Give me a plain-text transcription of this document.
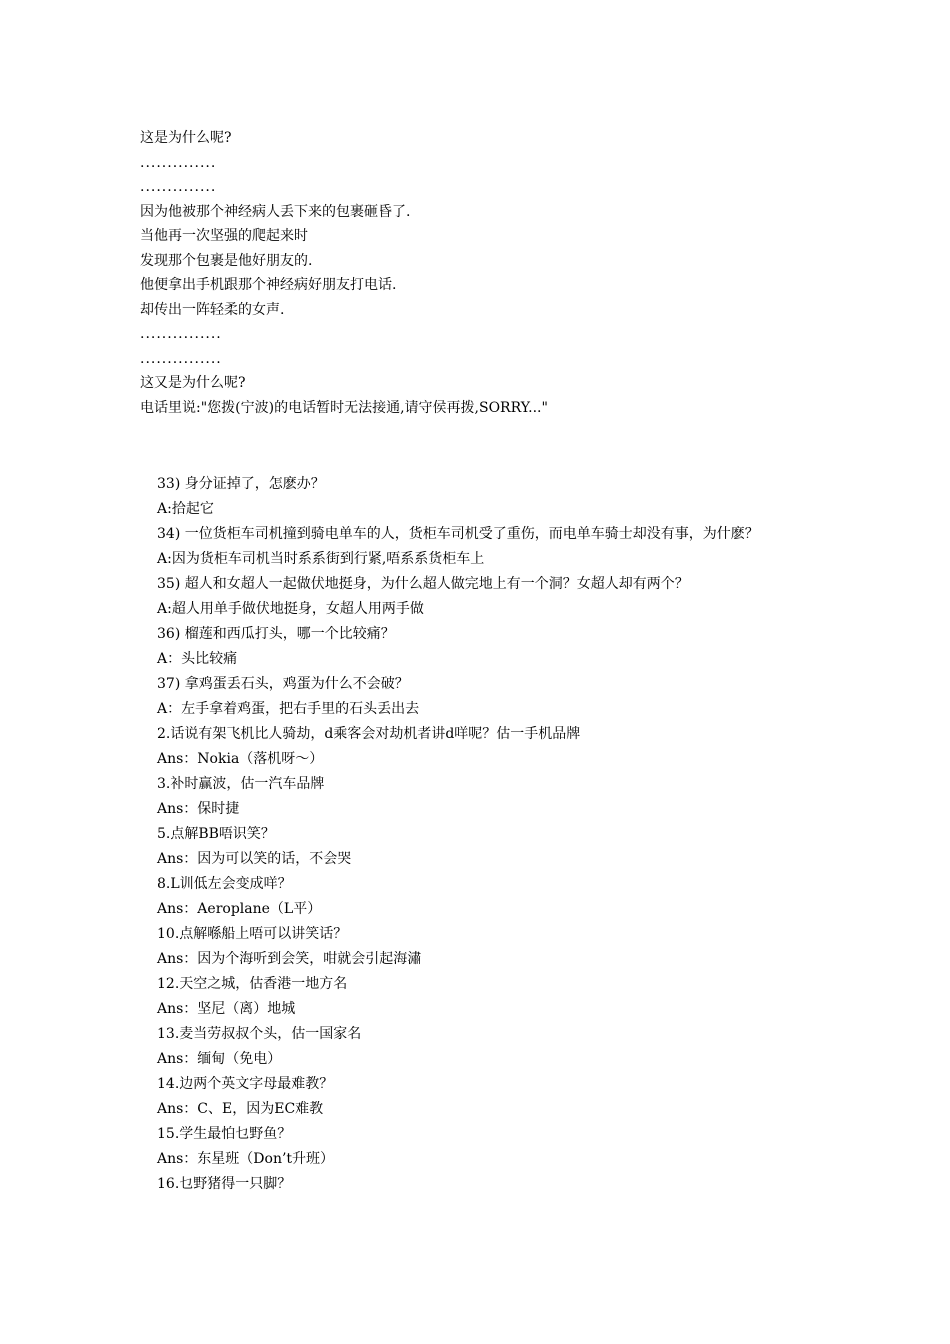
这是为什么呢?
..............
..............
因为他被那个神经病人丢下来的包裹砸昏了.
当他再一次坚强的爬起来时
发现那个包裹是他好朋友的.
他便拿出手机跟那个神经病好朋友打电话.
却传出一阵轻柔的女声.
...............
...............
这又是为什么呢?
电话里说:"您拨(宁波)的电话暂时无法接通,请守侯再拨,SORRY..."
33) 身分证掉了，怎麽办？
A:拾起它
34) 一位货柜车司机撞到骑电单车的人，货柜车司机受了重伤，而电单车骑士却没有事，为什麽？
A:因为货柜车司机当时系系街到行紧,唔系系货柜车上
35) 超人和女超人一起做伏地挺身，为什么超人做完地上有一个洞？女超人却有两个？
A:超人用单手做伏地挺身，女超人用两手做
36) 榴莲和西瓜打头，哪一个比较痛？
A：头比较痛
37) 拿鸡蛋丢石头，鸡蛋为什么不会破？
A：左手拿着鸡蛋，把右手里的石头丢出去
2.话说有架飞机比人骑劫，d乘客会对劫机者讲d咩呢？估一手机品牌
Ans：Nokia（落机呀～）
3.补时赢波，估一汽车品牌
Ans：保时捷
5.点解BB唔识笑？
Ans：因为可以笑的话，不会哭
8.L训低左会变成咩？
Ans：Aeroplane（L平）
10.点解喺船上唔可以讲笑话？
Ans：因为个海听到会笑，咁就会引起海潚
12.天空之城，估香港一地方名
Ans：坚尼（离）地城
13.麦当劳叔叔个头，估一国家名
Ans：缅甸（免电）
14.边两个英文字母最难教？
Ans：C、E，因为EC难教
15.学生最怕乜野鱼？
Ans：东星班（Don’t升班）
16.乜野猪得一只脚？
